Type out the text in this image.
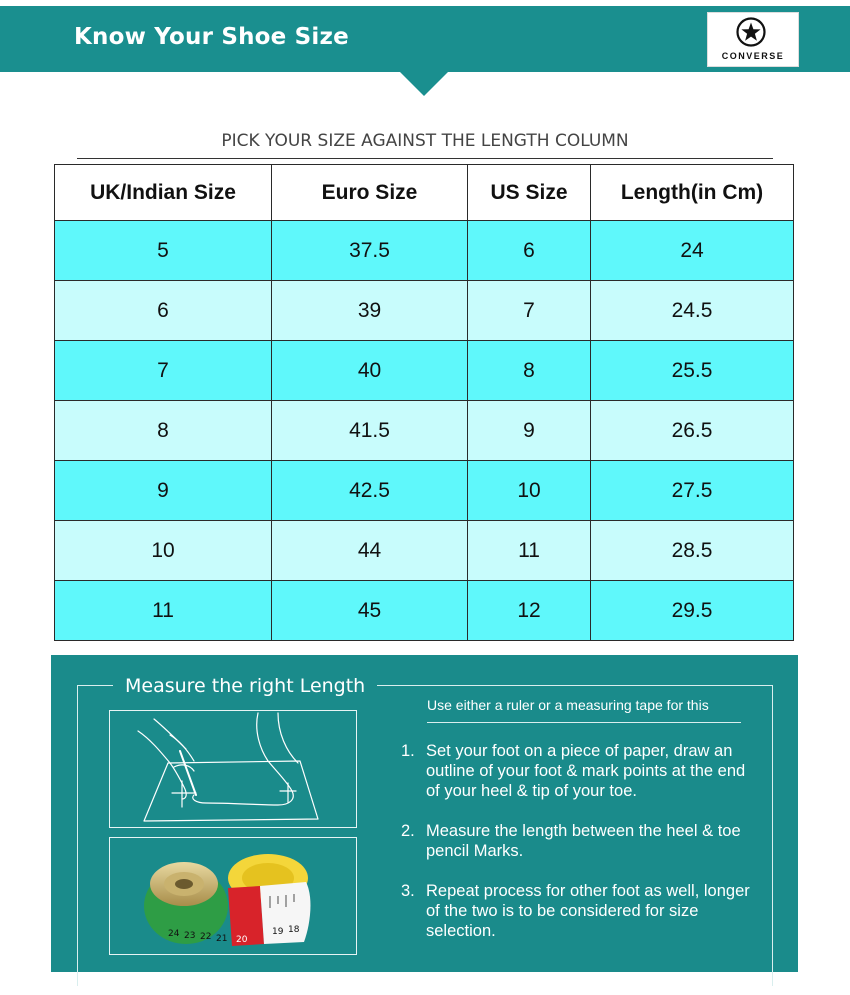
Know Your Shoe Size
CONVERSE
PICK YOUR SIZE AGAINST THE LENGTH COLUMN
UK/Indian Size	Euro Size	US Size	Length(in Cm)
5	37.5	6	24
6	39	7	24.5
7	40	8	25.5
8	41.5	9	26.5
9	42.5	10	27.5
10	44	11	28.5
11	45	12	29.5
Measure the right Length
24 23 22 21 20
19 18
Use either a ruler or a measuring tape for this
1. Set your foot on a piece of paper, draw an outline of your foot & mark points at the end of your heel & tip of your toe.
2. Measure the length between the heel & toe pencil Marks.
3. Repeat process for other foot as well, longer of the two is to be considered for size selection.
